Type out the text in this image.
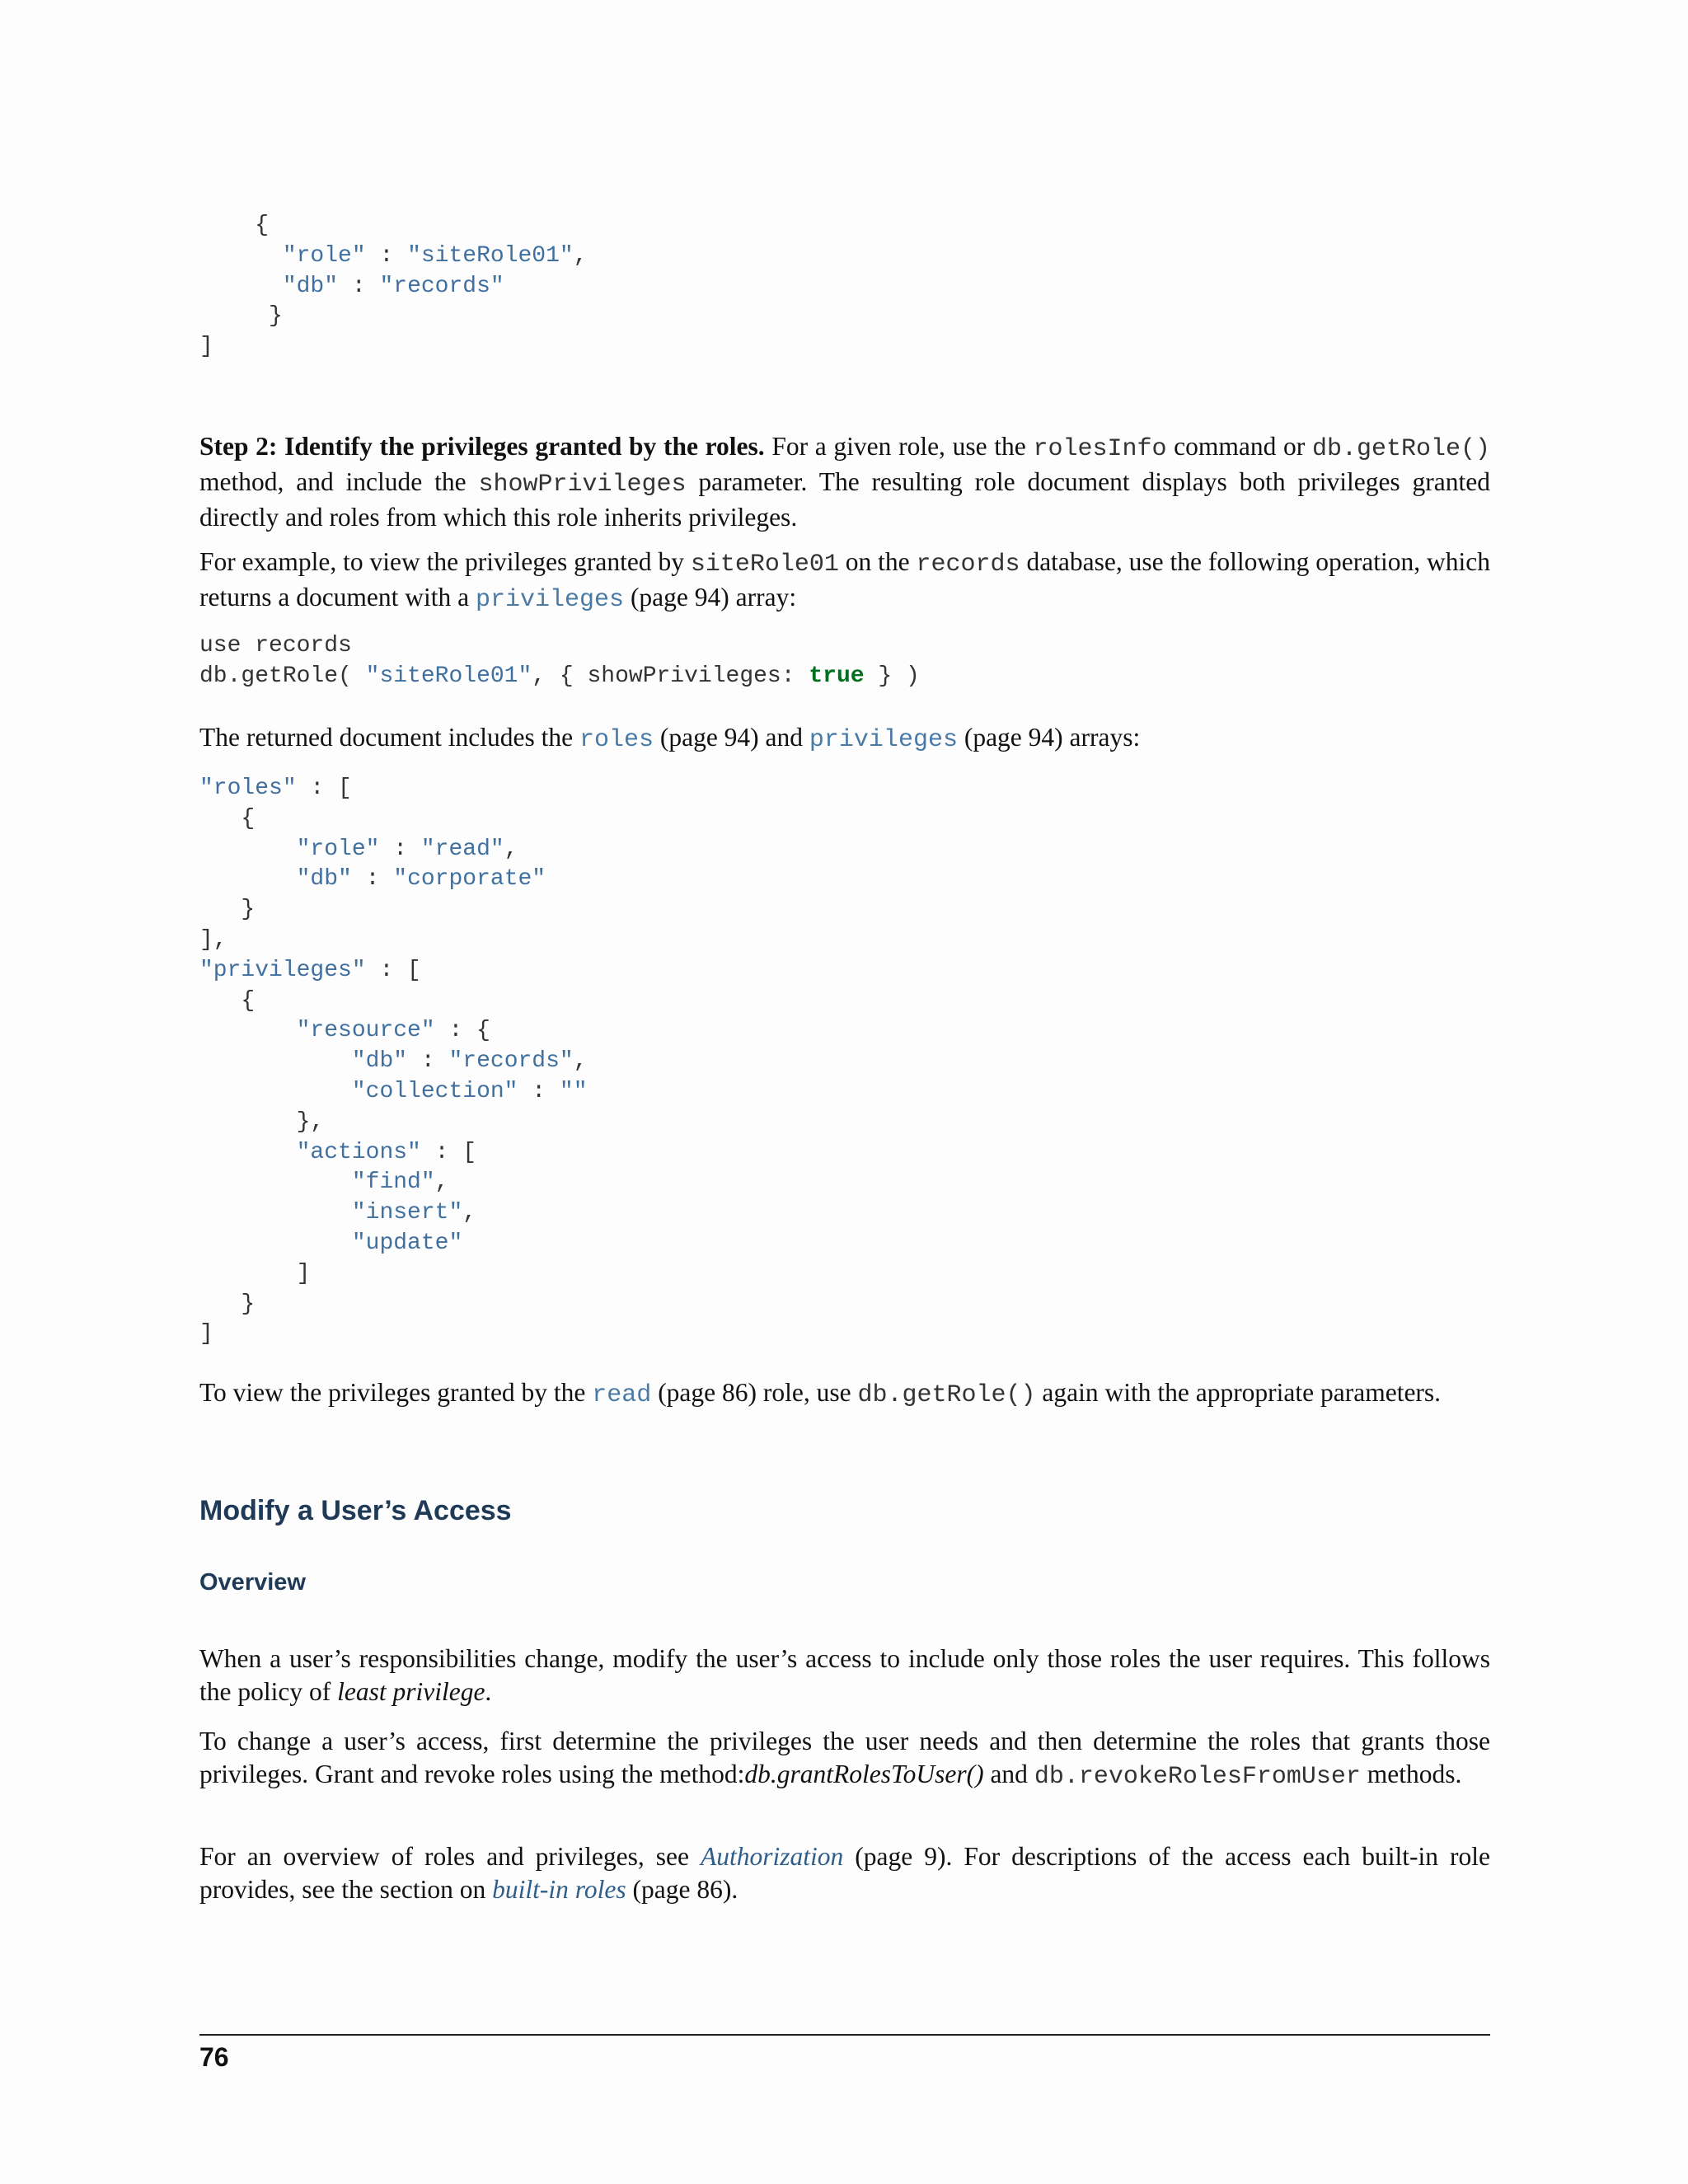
{
"role" : "siteRole01",
"db" : "records"
}
]

Step 2: Identify the privileges granted by the roles. For a given role, use the rolesInfo command or db.getRole() method, and include the showPrivileges parameter. The resulting role document displays both privileges granted directly and roles from which this role inherits privileges.

For example, to view the privileges granted by siteRole01 on the records database, use the following operation, which returns a document with a privileges (page 94) array:

use records
db.getRole( "siteRole01", { showPrivileges: true } )

The returned document includes the roles (page 94) and privileges (page 94) arrays:

"roles" : [
{
"role" : "read",
"db" : "corporate"
}
],
"privileges" : [
{
"resource" : {
"db" : "records",
"collection" : ""
},
"actions" : [
"find",
"insert",
"update"
]
}
]

To view the privileges granted by the read (page 86) role, use db.getRole() again with the appropriate parameters.

Modify a User’s Access
Overview

When a user’s responsibilities change, modify the user’s access to include only those roles the user requires. This follows the policy of least privilege.

To change a user’s access, first determine the privileges the user needs and then determine the roles that grants those privileges. Grant and revoke roles using the method:db.grantRolesToUser() and db.revokeRolesFromUser methods.

For an overview of roles and privileges, see Authorization (page 9). For descriptions of the access each built-in role provides, see the section on built-in roles (page 86).

76
